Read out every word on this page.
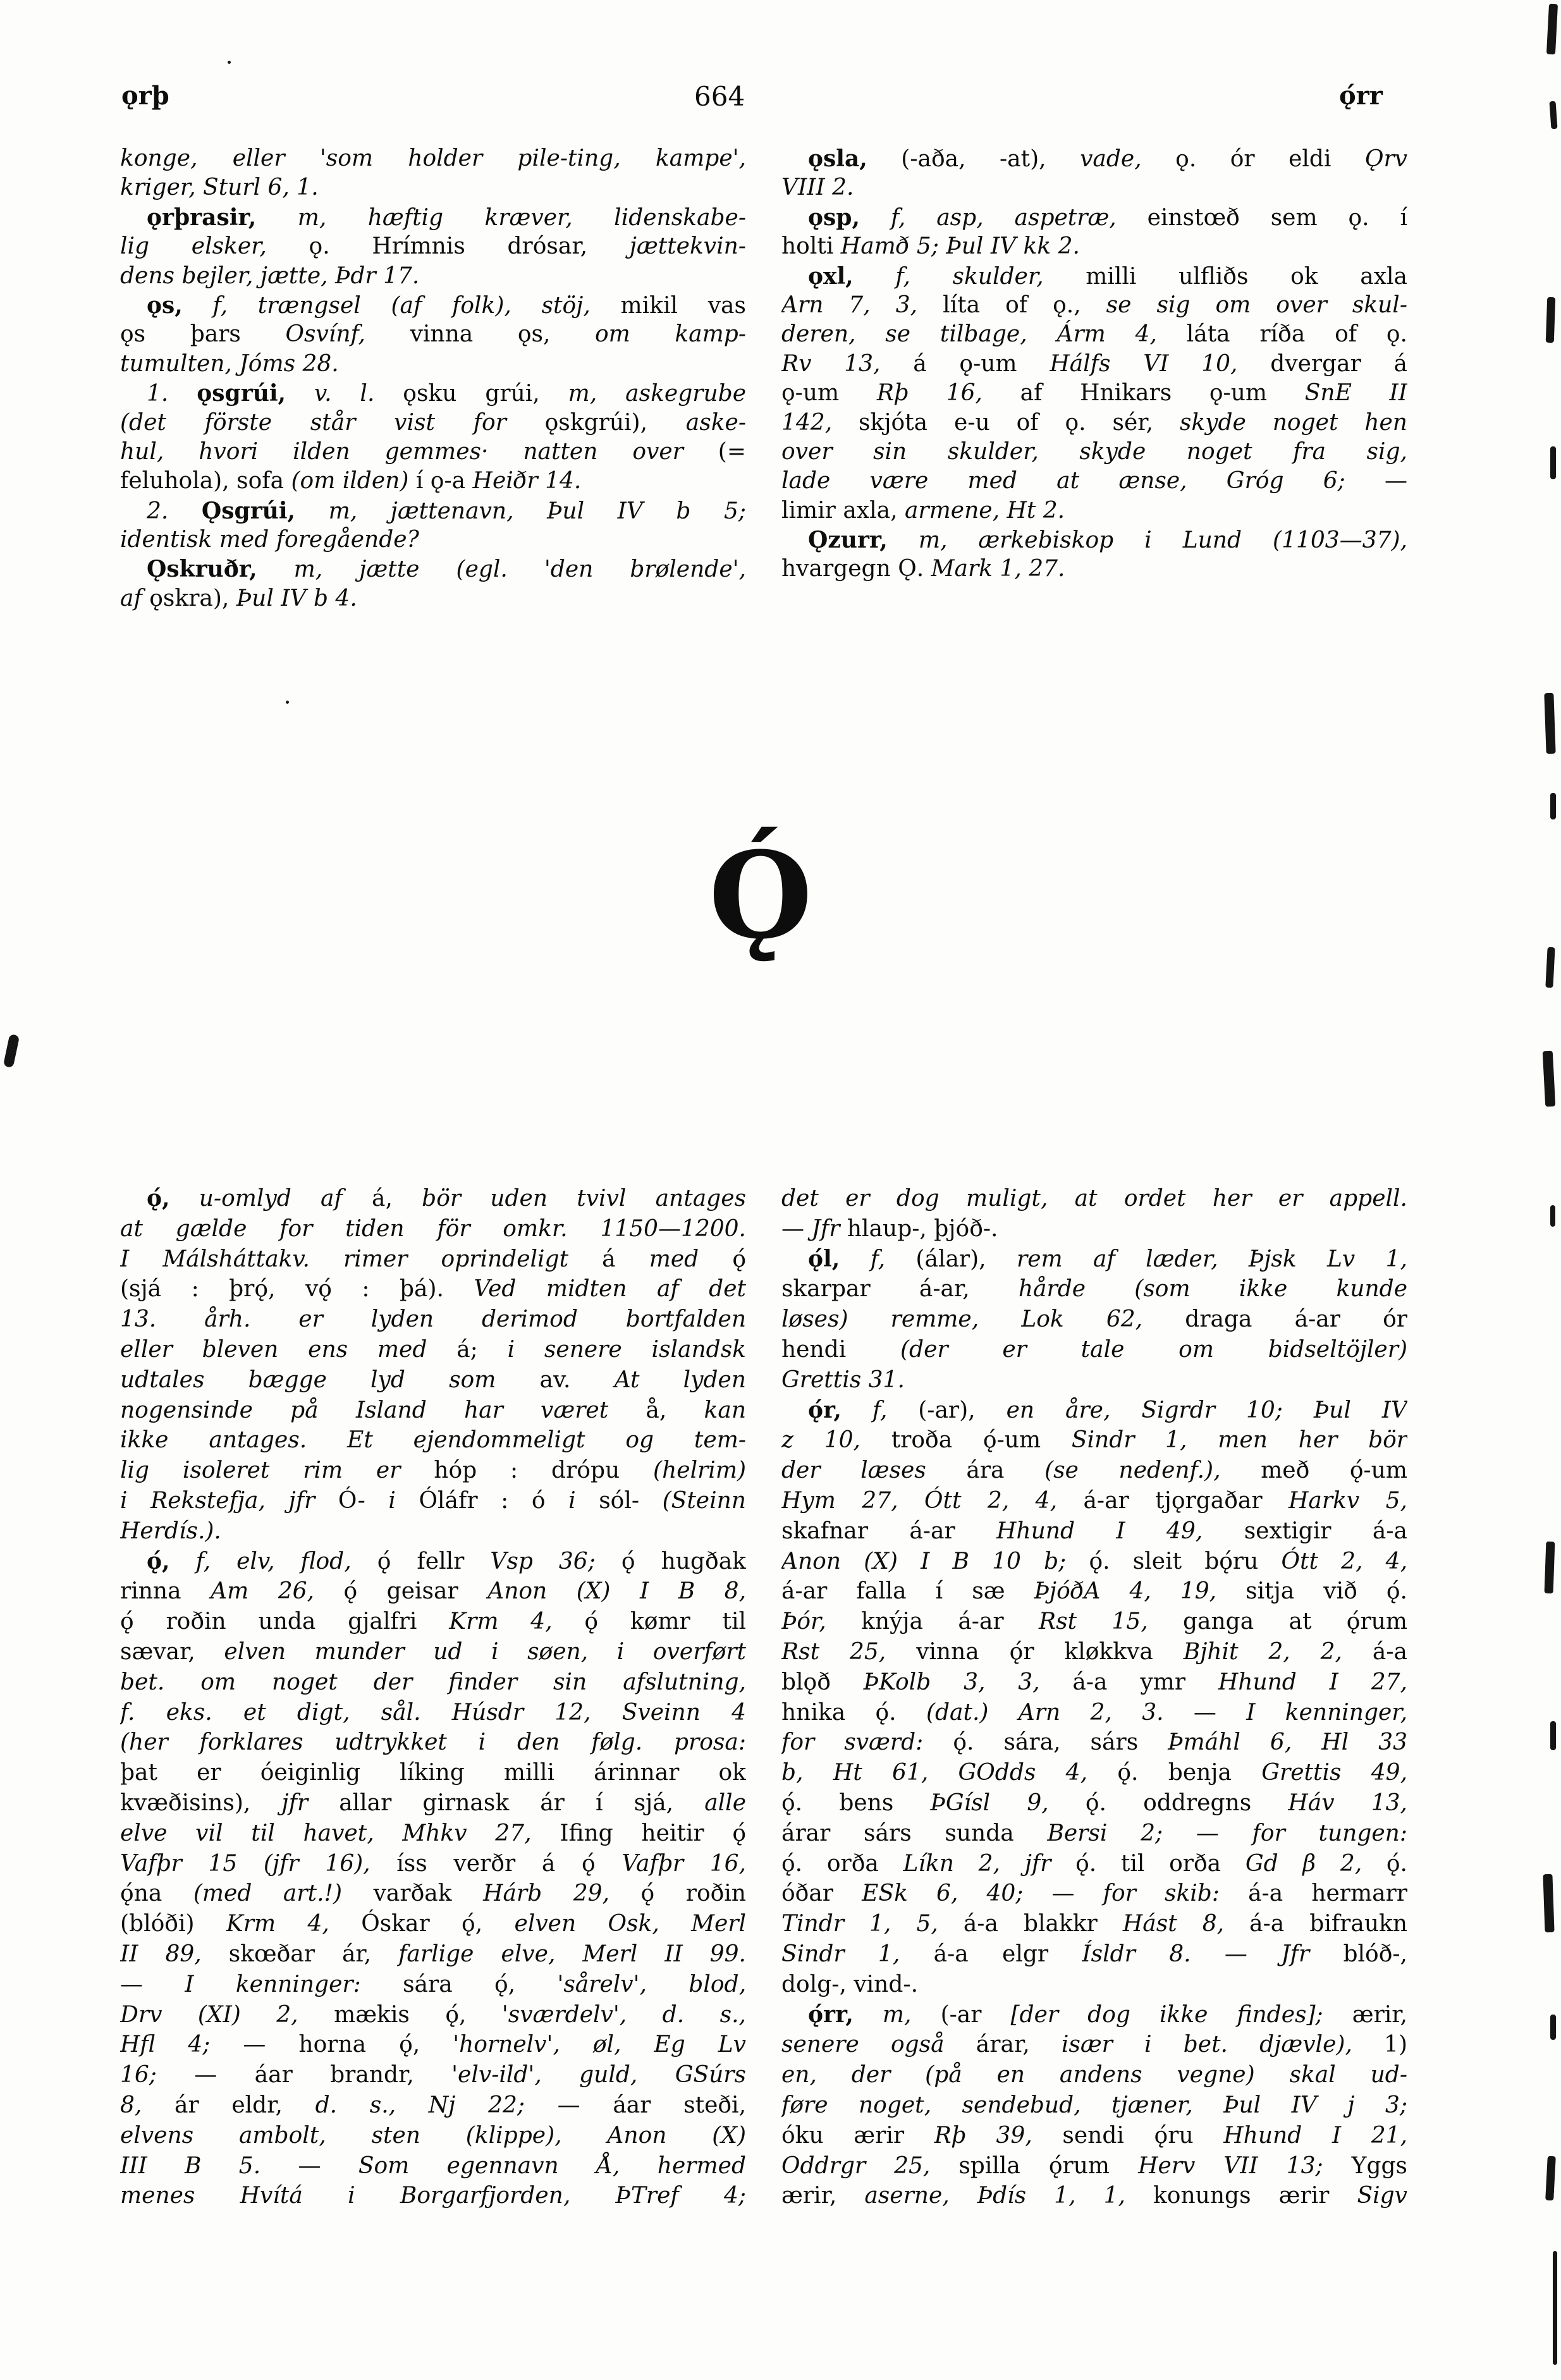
ǫrþ	664	ǫ́rr
konge, eller 'som holder pile-ting, kampe',
kriger, Sturl 6, 1.
ǫrþrasir, m, hæftig kræver, lidenskabe-
lig elsker, ǫ. Hrímnis drósar, jættekvin-
dens bejler, jætte, Þdr 17.
ǫs, f, trængsel (af folk), stöj, mikil vas
ǫs þars Osvínf, vinna ǫs, om kamp-
tumulten, Jóms 28.
1. ǫsgrúi, v. l. ǫsku grúi, m, askegrube
(det förste står vist for ǫskgrúi), aske-
hul, hvori ilden gemmes· natten over (=
feluhola), sofa (om ilden) í ǫ-a Heiðr 14.
2. Ǫsgrúi, m, jættenavn, Þul IV b 5;
identisk med foregående?
Ǫskruðr, m, jætte (egl. 'den brølende',
af ǫskra), Þul IV b 4.
ǫsla, (-aða, -at), vade, ǫ. ór eldi Ǫrv
VIII 2.
ǫsp, f, asp, aspetræ, einstœð sem ǫ. í
holti Hamð 5; Þul IV kk 2.
ǫxl, f, skulder, milli ulfliðs ok axla
Arn 7, 3, líta of ǫ., se sig om over skul-
deren, se tilbage, Árm 4, láta ríða of ǫ.
Rv 13, á ǫ-um Hálfs VI 10, dvergar á
ǫ-um Rþ 16, af Hnikars ǫ-um SnE II
142, skjóta e-u of ǫ. sér, skyde noget hen
over sin skulder, skyde noget fra sig,
lade være med at ænse, Gróg 6; —
limir axla, armene, Ht 2.
Ǫzurr, m, ærkebiskop i Lund (1103—37),
hvargegn Ǫ. Mark 1, 27.
Ǫ́
ǫ́, u-omlyd af á, bör uden tvivl antages
at gælde for tiden för omkr. 1150—1200.
I Málsháttakv. rimer oprindeligt á med ǫ́
(sjá : þrǫ́, vǫ́ : þá). Ved midten af det
13. årh. er lyden derimod bortfalden
eller bleven ens med á; i senere islandsk
udtales bægge lyd som av. At lyden
nogensinde på Island har været å, kan
ikke antages. Et ejendommeligt og tem-
lig isoleret rim er hóp : drópu (helrim)
i Rekstefja, jfr Ó- i Óláfr : ó i sól- (Steinn
Herdís.).
ǫ́, f, elv, flod, ǫ́ fellr Vsp 36; ǫ́ hugðak
rinna Am 26, ǫ́ geisar Anon (X) I B 8,
ǫ́ roðin unda gjalfri Krm 4, ǫ́ kømr til
sævar, elven munder ud i søen, i overført
bet. om noget der finder sin afslutning,
f. eks. et digt, sål. Húsdr 12, Sveinn 4
(her forklares udtrykket i den følg. prosa:
þat er óeiginlig líking milli árinnar ok
kvæðisins), jfr allar girnask ár í sjá, alle
elve vil til havet, Mhkv 27, Ifing heitir ǫ́
Vafþr 15 (jfr 16), íss verðr á ǫ́ Vafþr 16,
ǫ́na (med art.!) varðak Hárb 29, ǫ́ roðin
(blóði) Krm 4, Óskar ǫ́, elven Osk, Merl
II 89, skœðar ár, farlige elve, Merl II 99.
— I kenninger: sára ǫ́, 'sårelv', blod,
Drv (XI) 2, mækis ǫ́, 'sværdelv', d. s.,
Hfl 4; — horna ǫ́, 'hornelv', øl, Eg Lv
16; — áar brandr, 'elv-ild', guld, GSúrs
8, ár eldr, d. s., Nj 22; — áar steði,
elvens ambolt, sten (klippe), Anon (X)
III B 5. — Som egennavn Å, hermed
menes Hvítá i Borgarfjorden, ÞTref 4;
det er dog muligt, at ordet her er appell.
— Jfr hlaup-, þjóð-.
ǫ́l, f, (álar), rem af læder, Þjsk Lv 1,
skarpar á-ar, hårde (som ikke kunde
løses) remme, Lok 62, draga á-ar ór
hendi (der er tale om bidseltöjler)
Grettis 31.
ǫ́r, f, (-ar), en åre, Sigrdr 10; Þul IV
z 10, troða ǫ́-um Sindr 1, men her bör
der læses ára (se nedenf.), með ǫ́-um
Hym 27, Ótt 2, 4, á-ar tjǫrgaðar Harkv 5,
skafnar á-ar Hhund I 49, sextigir á-a
Anon (X) I B 10 b; ǫ́. sleit bǫ́ru Ótt 2, 4,
á-ar falla í sæ ÞjóðA 4, 19, sitja við ǫ́.
Þór, knýja á-ar Rst 15, ganga at ǫ́rum
Rst 25, vinna ǫ́r kløkkva Bjhit 2, 2, á-a
blǫð ÞKolb 3, 3, á-a ymr Hhund I 27,
hnika ǫ́. (dat.) Arn 2, 3. — I kenninger,
for sværd: ǫ́. sára, sárs Þmáhl 6, Hl 33
b, Ht 61, GOdds 4, ǫ́. benja Grettis 49,
ǫ́. bens ÞGísl 9, ǫ́. oddregns Háv 13,
árar sárs sunda Bersi 2; — for tungen:
ǫ́. orða Líkn 2, jfr ǫ́. til orða Gd β 2, ǫ́.
óðar ESk 6, 40; — for skib: á-a hermarr
Tindr 1, 5, á-a blakkr Hást 8, á-a bifraukn
Sindr 1, á-a elgr Ísldr 8. — Jfr blóð-,
dolg-, vind-.
ǫ́rr, m, (-ar [der dog ikke findes]; ærir,
senere også árar, især i bet. djævle), 1)
en, der (på en andens vegne) skal ud-
føre noget, sendebud, tjæner, Þul IV j 3;
óku ærir Rþ 39, sendi ǫ́ru Hhund I 21,
Oddrgr 25, spilla ǫ́rum Herv VII 13; Yggs
ærir, aserne, Þdís 1, 1, konungs ærir Sigv
